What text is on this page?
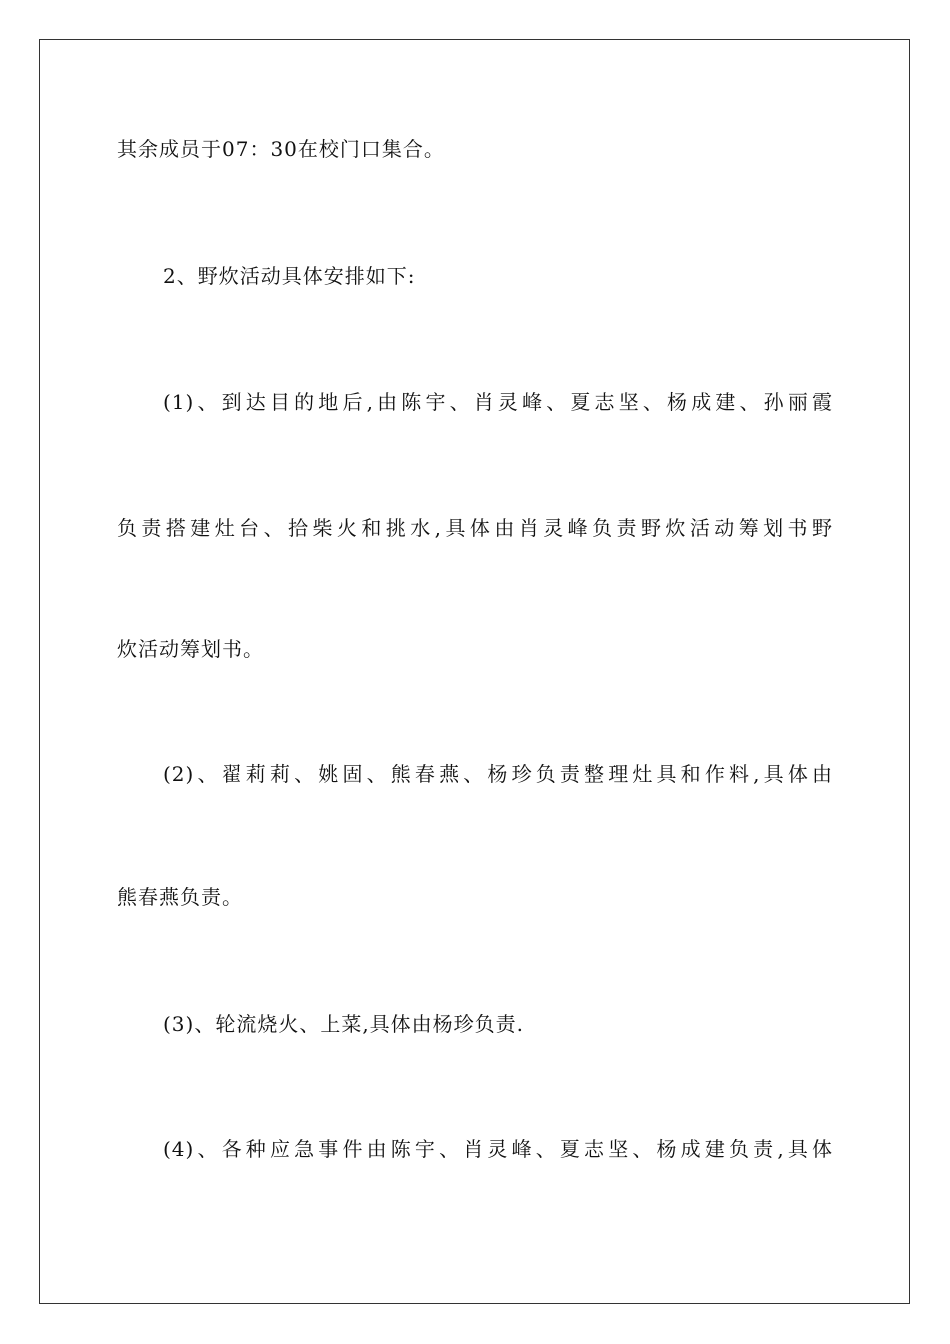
其余成员于07：30在校门口集合。
2、野炊活动具体安排如下:
(1)、到达目的地后,由陈宇、肖灵峰、夏志坚、杨成建、孙丽霞
负责搭建灶台、拾柴火和挑水,具体由肖灵峰负责野炊活动筹划书野
炊活动筹划书。
(2)、翟莉莉、姚固、熊春燕、杨珍负责整理灶具和作料,具体由
熊春燕负责。
(3)、轮流烧火、上菜,具体由杨珍负责.
(4)、各种应急事件由陈宇、肖灵峰、夏志坚、杨成建负责,具体
